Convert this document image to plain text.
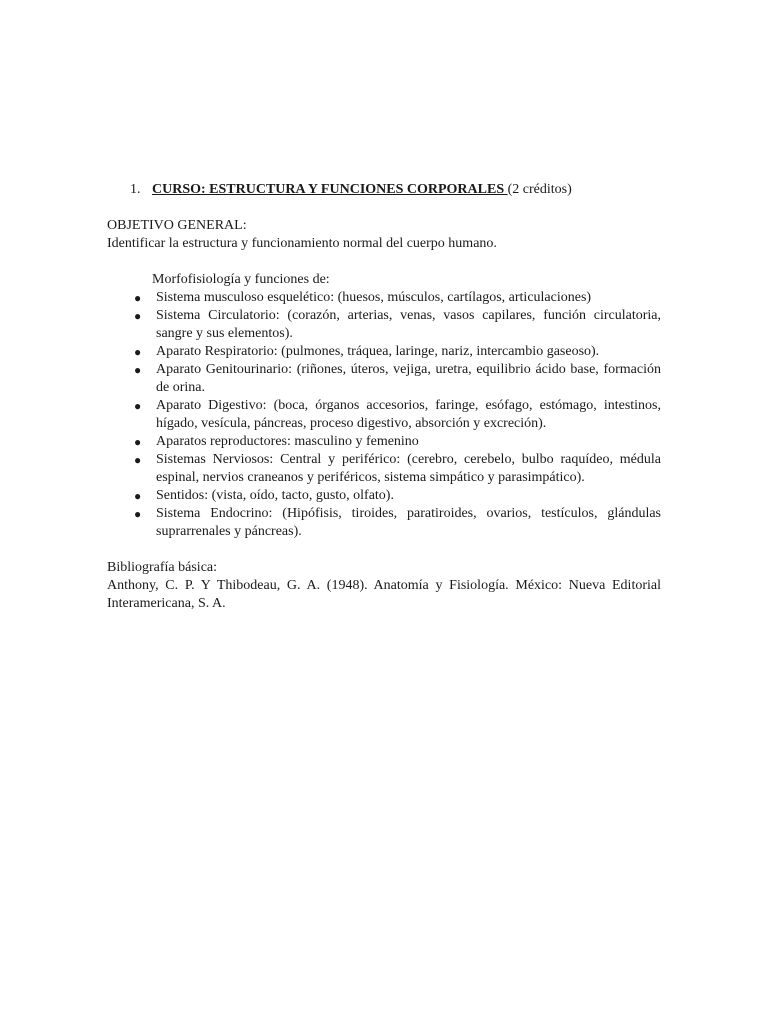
1. CURSO: ESTRUCTURA Y FUNCIONES CORPORALES (2 créditos)

OBJETIVO GENERAL:

Identificar la estructura y funcionamiento normal del cuerpo humano.

Morfofisiología y funciones de:

● Sistema musculoso esquelético: (huesos, músculos, cartílagos, articulaciones)
● Sistema Circulatorio: (corazón, arterias, venas, vasos capilares, función circulatoria, sangre y sus elementos).
● Aparato Respiratorio: (pulmones, tráquea, laringe, nariz, intercambio gaseoso).
● Aparato Genitourinario: (riñones, úteros, vejiga, uretra, equilibrio ácido base, formación de orina.
● Aparato Digestivo: (boca, órganos accesorios, faringe, esófago, estómago, intestinos, hígado, vesícula, páncreas, proceso digestivo, absorción y excreción).
● Aparatos reproductores: masculino y femenino
● Sistemas Nerviosos: Central y periférico: (cerebro, cerebelo, bulbo raquídeo, médula espinal, nervios craneanos y periféricos, sistema simpático y parasimpático).
● Sentidos: (vista, oído, tacto, gusto, olfato).
● Sistema Endocrino: (Hipófisis, tiroides, paratiroides, ovarios, testículos, glándulas suprarrenales y páncreas).

Bibliografía básica:

Anthony, C. P. Y Thibodeau, G. A. (1948). Anatomía y Fisiología. México: Nueva Editorial Interamericana, S. A.
